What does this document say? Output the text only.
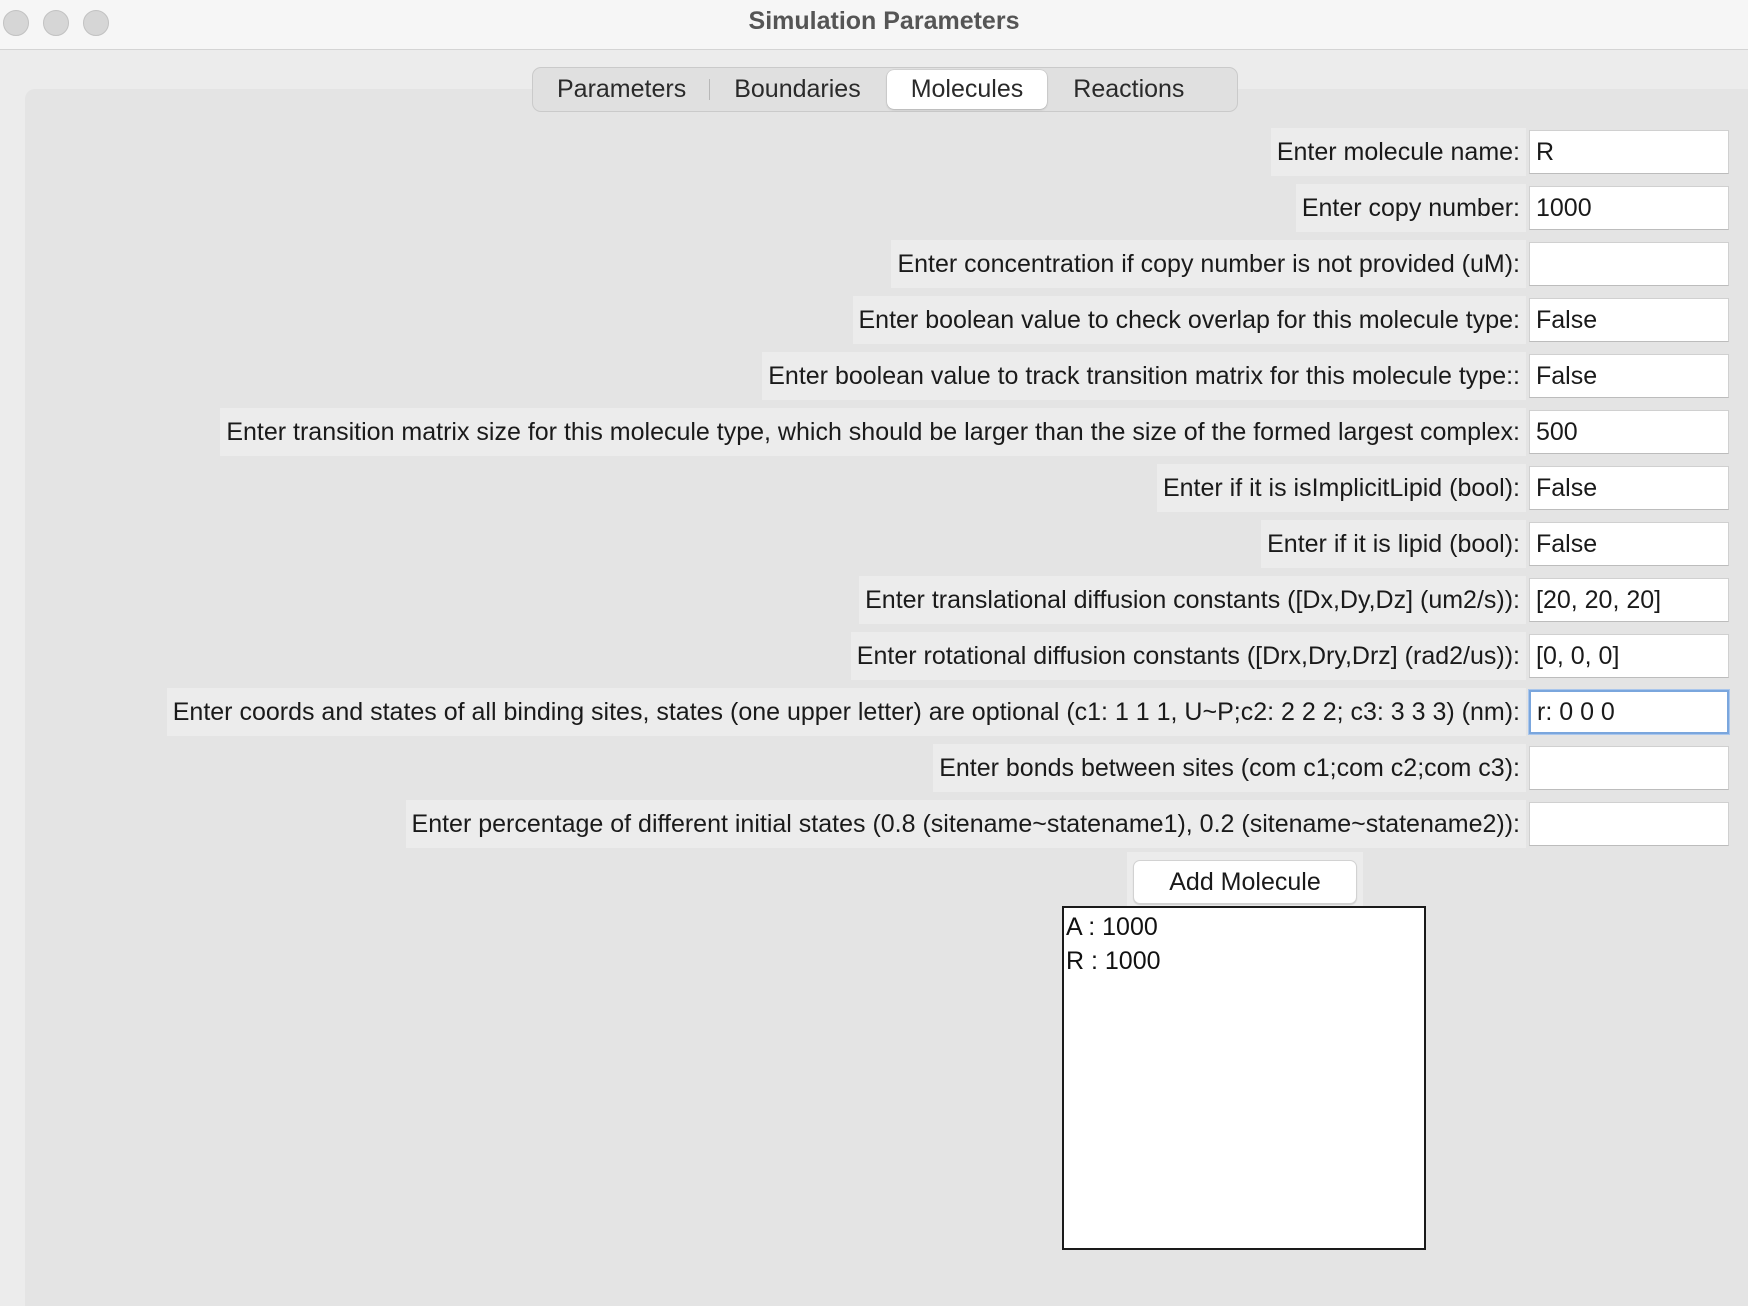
Simulation Parameters
Parameters	Boundaries	Molecules	Reactions
Enter molecule name:
R
Enter copy number:
1000
Enter concentration if copy number is not provided (uM):
Enter boolean value to check overlap for this molecule type:
False
Enter boolean value to track transition matrix for this molecule type::
False
Enter transition matrix size for this molecule type, which should be larger than the size of the formed largest complex:
500
Enter if it is isImplicitLipid (bool):
False
Enter if it is lipid (bool):
False
Enter translational diffusion constants ([Dx,Dy,Dz] (um2/s)):
[20, 20, 20]
Enter rotational diffusion constants ([Drx,Dry,Drz] (rad2/us)):
[0, 0, 0]
Enter coords and states of all binding sites, states (one upper letter) are optional (c1: 1 1 1, U~P;c2: 2 2 2; c3: 3 3 3) (nm):
r: 0 0 0
Enter bonds between sites (com c1;com c2;com c3):
Enter percentage of different initial states (0.8 (sitename~statename1), 0.2 (sitename~statename2)):
Add Molecule
A : 1000
R : 1000
